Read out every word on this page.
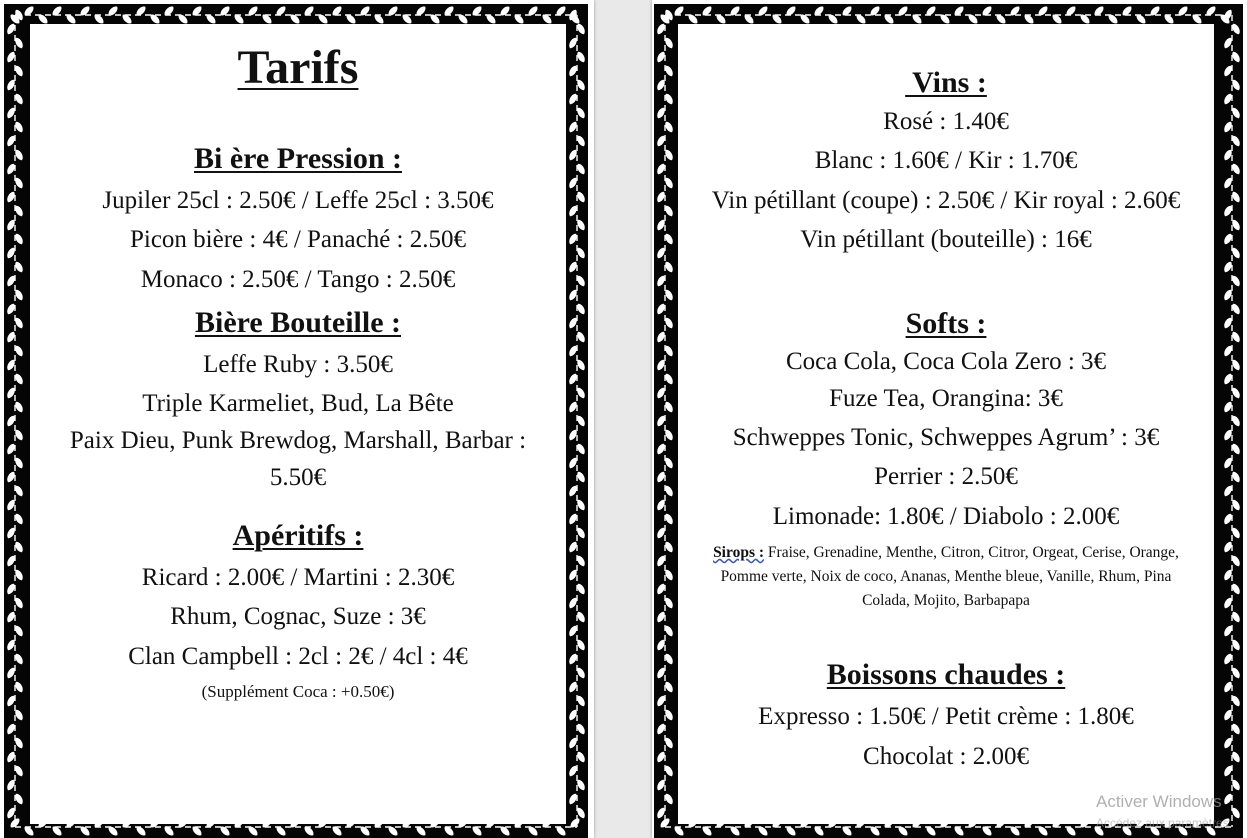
Tarifs
Bi ère Pression :
Jupiler 25cl : 2.50€ / Leffe 25cl : 3.50€
Picon bière : 4€ / Panaché : 2.50€
Monaco : 2.50€ / Tango : 2.50€
Bière Bouteille :
Leffe Ruby : 3.50€
Triple Karmeliet, Bud, La Bête
Paix Dieu, Punk Brewdog, Marshall, Barbar :
5.50€
Apéritifs :
Ricard : 2.00€ / Martini : 2.30€
Rhum, Cognac, Suze : 3€
Clan Campbell : 2cl : 2€ / 4cl : 4€
(Supplément Coca : +0.50€)
Vins :
Rosé : 1.40€
Blanc : 1.60€ / Kir : 1.70€
Vin pétillant (coupe) : 2.50€ / Kir royal : 2.60€
Vin pétillant (bouteille) : 16€
Softs :
Coca Cola, Coca Cola Zero : 3€
Fuze Tea, Orangina: 3€
Schweppes Tonic, Schweppes Agrum’ : 3€
Perrier : 2.50€
Limonade: 1.80€ / Diabolo : 2.00€
Sirops : Fraise, Grenadine, Menthe, Citron, Citror, Orgeat, Cerise, Orange, Pomme verte, Noix de coco, Ananas, Menthe bleue, Vanille, Rhum, Pina Colada, Mojito, Barbapapa
Boissons chaudes :
Expresso : 1.50€ / Petit crème : 1.80€
Chocolat : 2.00€
Activer Windows
Accédez aux paramètres
